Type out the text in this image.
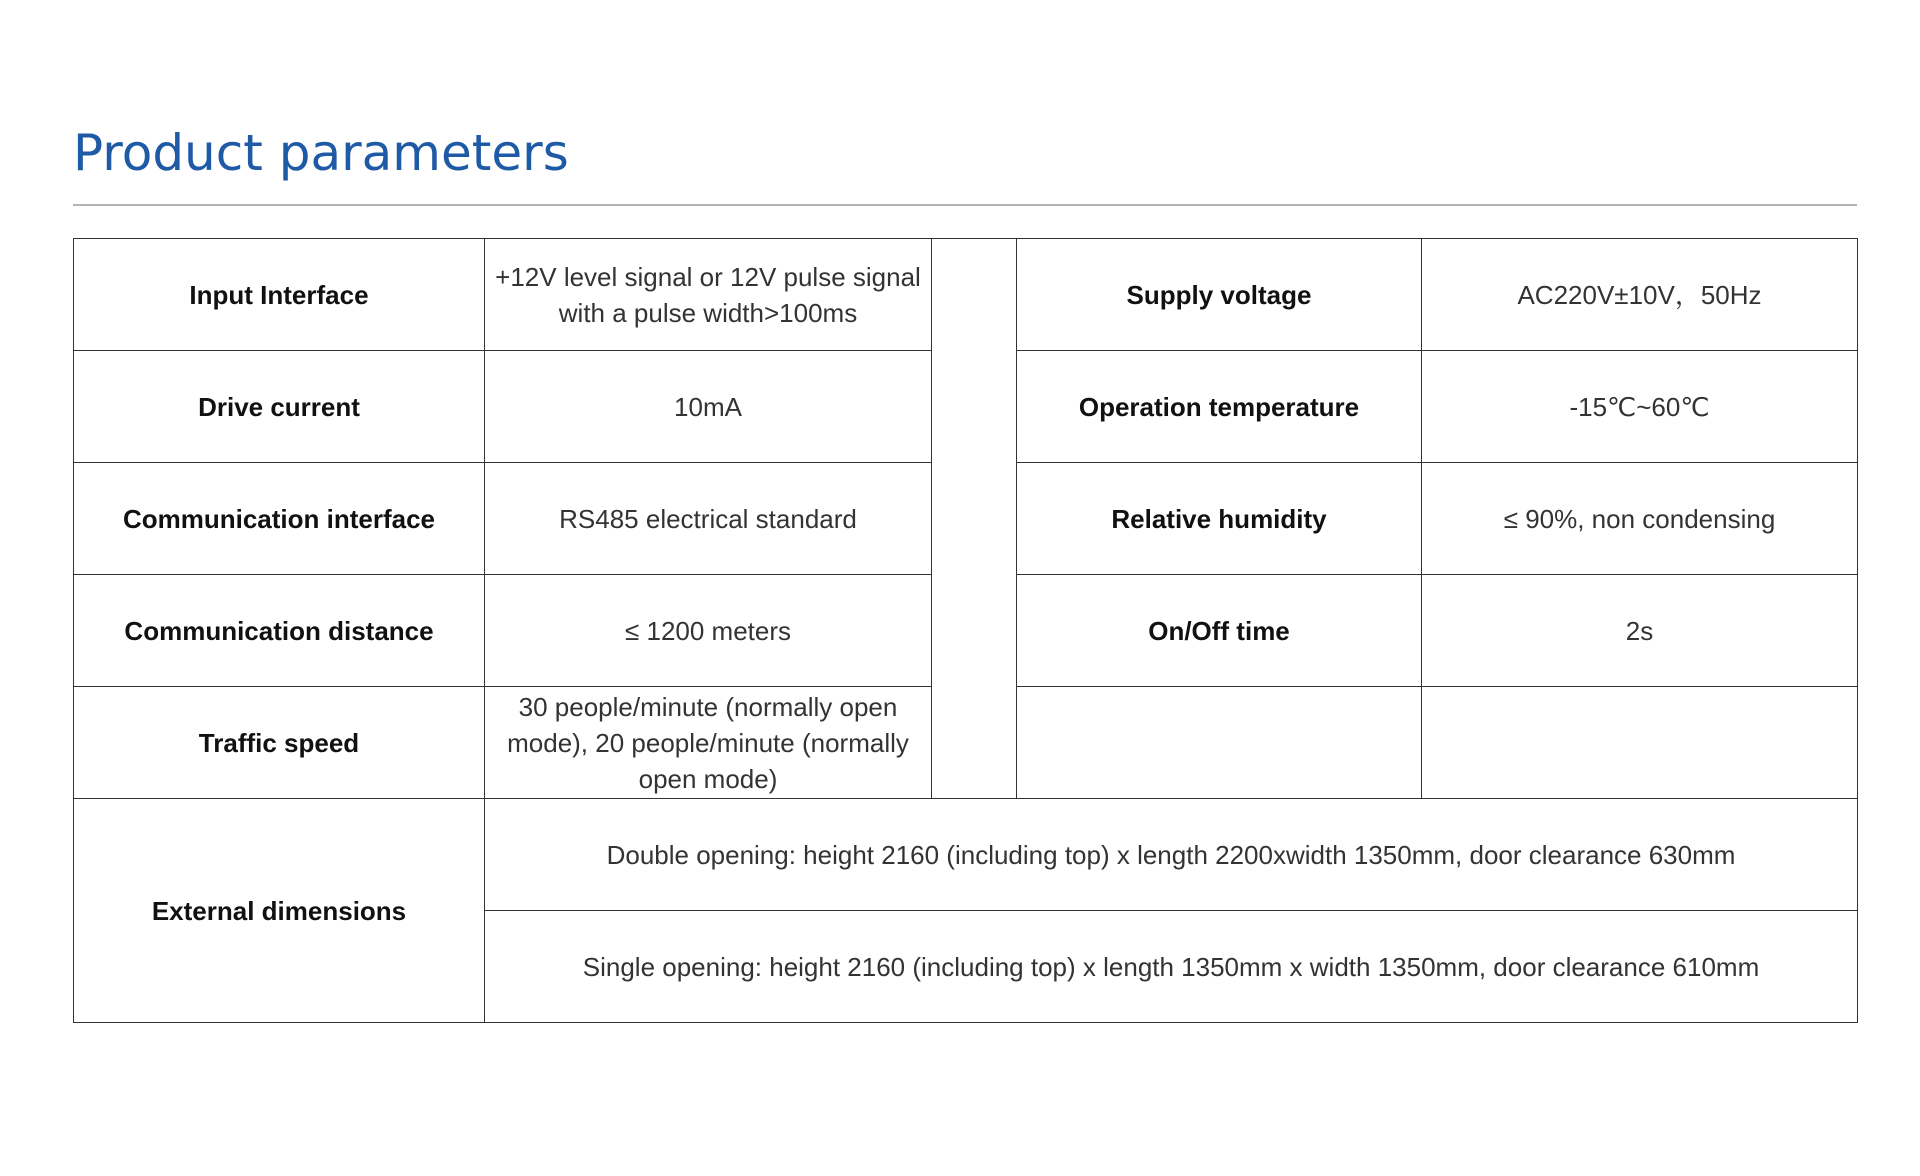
Product parameters
Input Interface	+12V level signal or 12V pulse signal with a pulse width>100ms		Supply voltage	AC220V±10V，50Hz
Drive current	10mA		Operation temperature	-15℃~60℃
Communication interface	RS485 electrical standard		Relative humidity	≤ 90%, non condensing
Communication distance	≤ 1200 meters		On/Off time	2s
Traffic speed	30 people/minute (normally open mode), 20 people/minute (normally open mode)			
External dimensions	Double opening: height 2160 (including top) x length 2200xwidth 1350mm, door clearance 630mm			
	Single opening: height 2160 (including top) x length 1350mm x width 1350mm, door clearance 610mm			
